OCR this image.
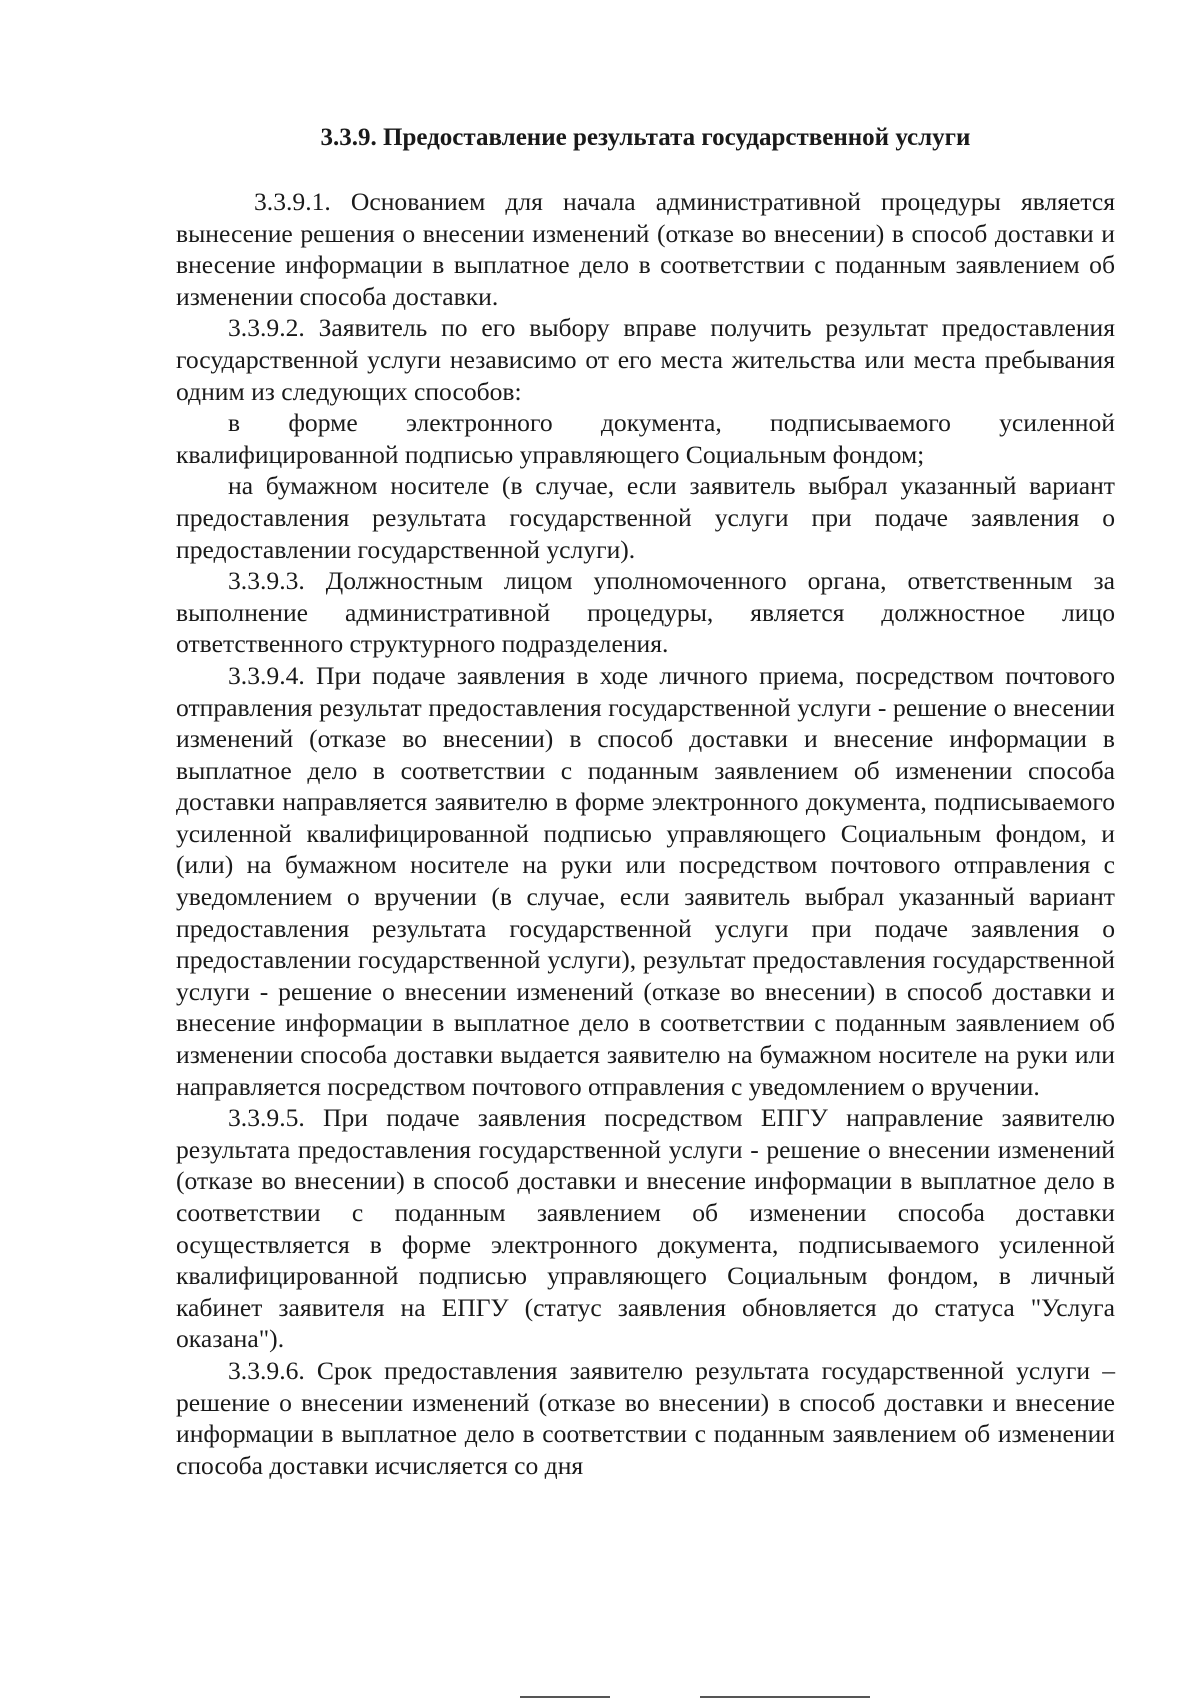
3.3.9. Предоставление результата государственной услуги

3.3.9.1. Основанием для начала административной процедуры является вынесение решения о внесении изменений (отказе во внесении) в способ доставки и внесение информации в выплатное дело в соответствии с поданным заявлением об изменении способа доставки.

3.3.9.2. Заявитель по его выбору вправе получить результат предоставления государственной услуги независимо от его места жительства или места пребывания одним из следующих способов:

в форме электронного документа, подписываемого усиленной квалифицированной подписью управляющего Социальным фондом;

на бумажном носителе (в случае, если заявитель выбрал указанный вариант предоставления результата государственной услуги при подаче заявления о предоставлении государственной услуги).

3.3.9.3. Должностным лицом уполномоченного органа, ответственным за выполнение административной процедуры, является должностное лицо ответственного структурного подразделения.

3.3.9.4. При подаче заявления в ходе личного приема, посредством почтового отправления результат предоставления государственной услуги - решение о внесении изменений (отказе во внесении) в способ доставки и внесение информации в выплатное дело в соответствии с поданным заявлением об изменении способа доставки направляется заявителю в форме электронного документа, подписываемого усиленной квалифицированной подписью управляющего Социальным фондом, и (или) на бумажном носителе на руки или посредством почтового отправления с уведомлением о вручении (в случае, если заявитель выбрал указанный вариант предоставления результата государственной услуги при подаче заявления о предоставлении государственной услуги), результат предоставления государственной услуги - решение о внесении изменений (отказе во внесении) в способ доставки и внесение информации в выплатное дело в соответствии с поданным заявлением об изменении способа доставки выдается заявителю на бумажном носителе на руки или направляется посредством почтового отправления с уведомлением о вручении.

3.3.9.5. При подаче заявления посредством ЕПГУ направление заявителю результата предоставления государственной услуги - решение о внесении изменений (отказе во внесении) в способ доставки и внесение информации в выплатное дело в соответствии с поданным заявлением об изменении способа доставки осуществляется в форме электронного документа, подписываемого усиленной квалифицированной подписью управляющего Социальным фондом, в личный кабинет заявителя на ЕПГУ (статус заявления обновляется до статуса "Услуга оказана").

3.3.9.6. Срок предоставления заявителю результата государственной услуги – решение о внесении изменений (отказе во внесении) в способ доставки и внесение информации в выплатное дело в соответствии с поданным заявлением об изменении способа доставки исчисляется со дня
